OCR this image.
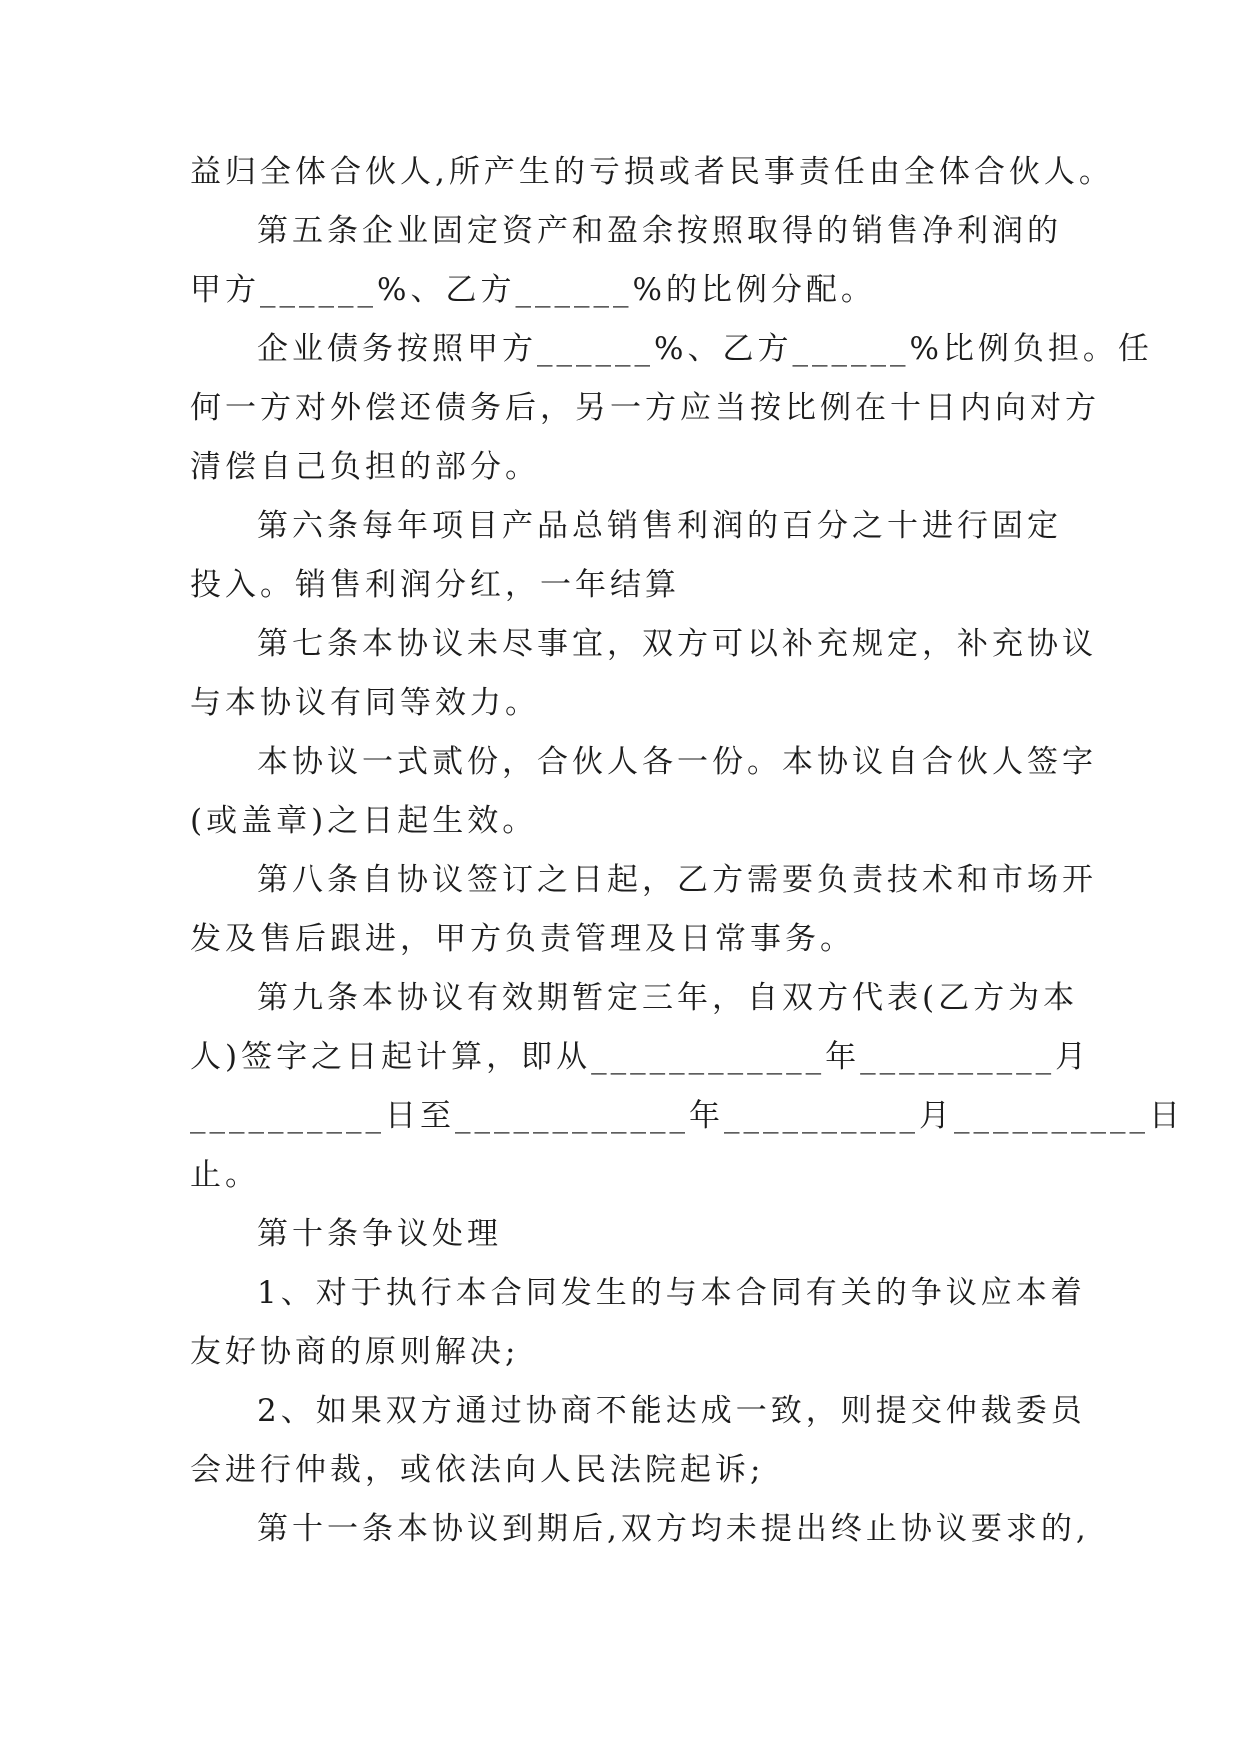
益归全体合伙人,所产生的亏损或者民事责任由全体合伙人。
第五条企业固定资产和盈余按照取得的销售净利润的
甲方______%、乙方______%的比例分配。
企业债务按照甲方______%、乙方______%比例负担。任
何一方对外偿还债务后，另一方应当按比例在十日内向对方
清偿自己负担的部分。
第六条每年项目产品总销售利润的百分之十进行固定
投入。销售利润分红，一年结算
第七条本协议未尽事宜，双方可以补充规定，补充协议
与本协议有同等效力。
本协议一式贰份，合伙人各一份。本协议自合伙人签字
(或盖章)之日起生效。
第八条自协议签订之日起，乙方需要负责技术和市场开
发及售后跟进，甲方负责管理及日常事务。
第九条本协议有效期暂定三年，自双方代表(乙方为本
人)签字之日起计算，即从____________年__________月
__________日至____________年__________月__________日
止。
第十条争议处理
1、对于执行本合同发生的与本合同有关的争议应本着
友好协商的原则解决;
2、如果双方通过协商不能达成一致，则提交仲裁委员
会进行仲裁，或依法向人民法院起诉;
第十一条本协议到期后,双方均未提出终止协议要求的,
